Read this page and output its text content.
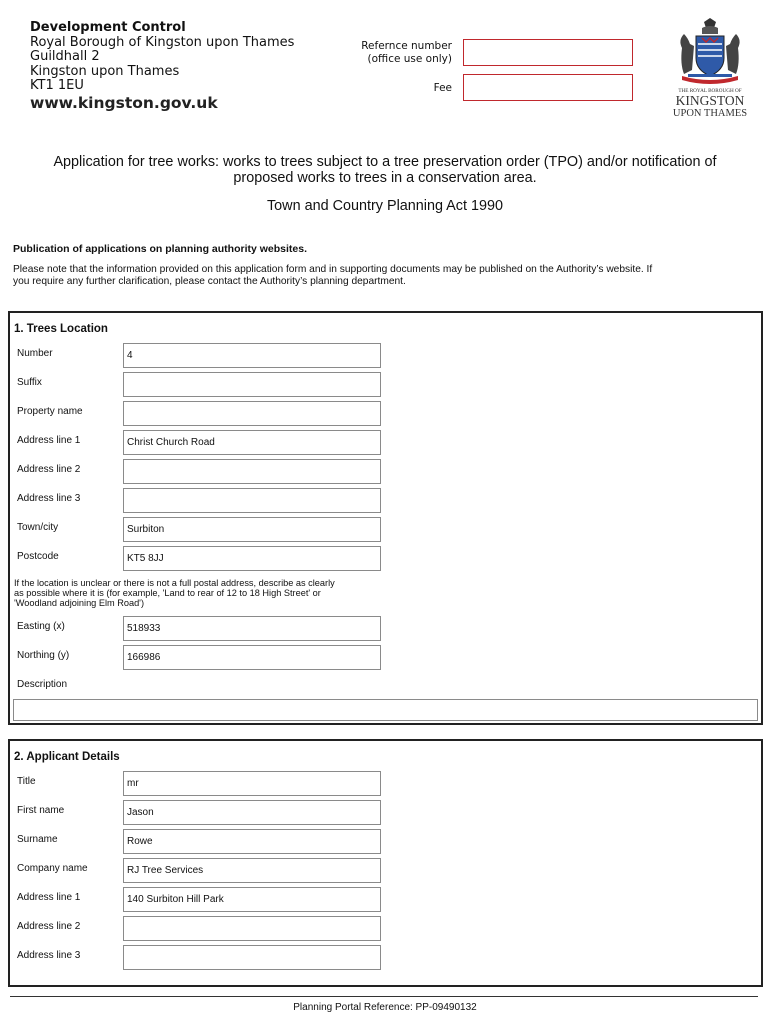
Development Control
Royal Borough of Kingston upon Thames
Guildhall 2
Kingston upon Thames
KT1 1EU
www.kingston.gov.uk
Refernce number
(office use only)
Fee	THE ROYAL BOROUGH OF
KINGSTON
UPON THAMES
Application for tree works: works to trees subject to a tree preservation order (TPO) and/or notification of
proposed works to trees in a conservation area.
Town and Country Planning Act 1990
Publication of applications on planning authority websites.
Please note that the information provided on this application form and in supporting documents may be published on the Authority’s website. If
you require any further clarification, please contact the Authority’s planning department.
1. Trees Location
Number	4
Suffix
Property name
Address line 1	Christ Church Road
Address line 2
Address line 3
Town/city	Surbiton
Postcode	KT5 8JJ
If the location is unclear or there is not a full postal address, describe as clearly
as possible where it is (for example, 'Land to rear of 12 to 18 High Street' or
'Woodland adjoining Elm Road')
Easting (x)	518933
Northing (y)	166986
Description
2. Applicant Details
Title	mr
First name	Jason
Surname	Rowe
Company name	RJ Tree Services
Address line 1	140 Surbiton Hill Park
Address line 2
Address line 3
Planning Portal Reference: PP-09490132
